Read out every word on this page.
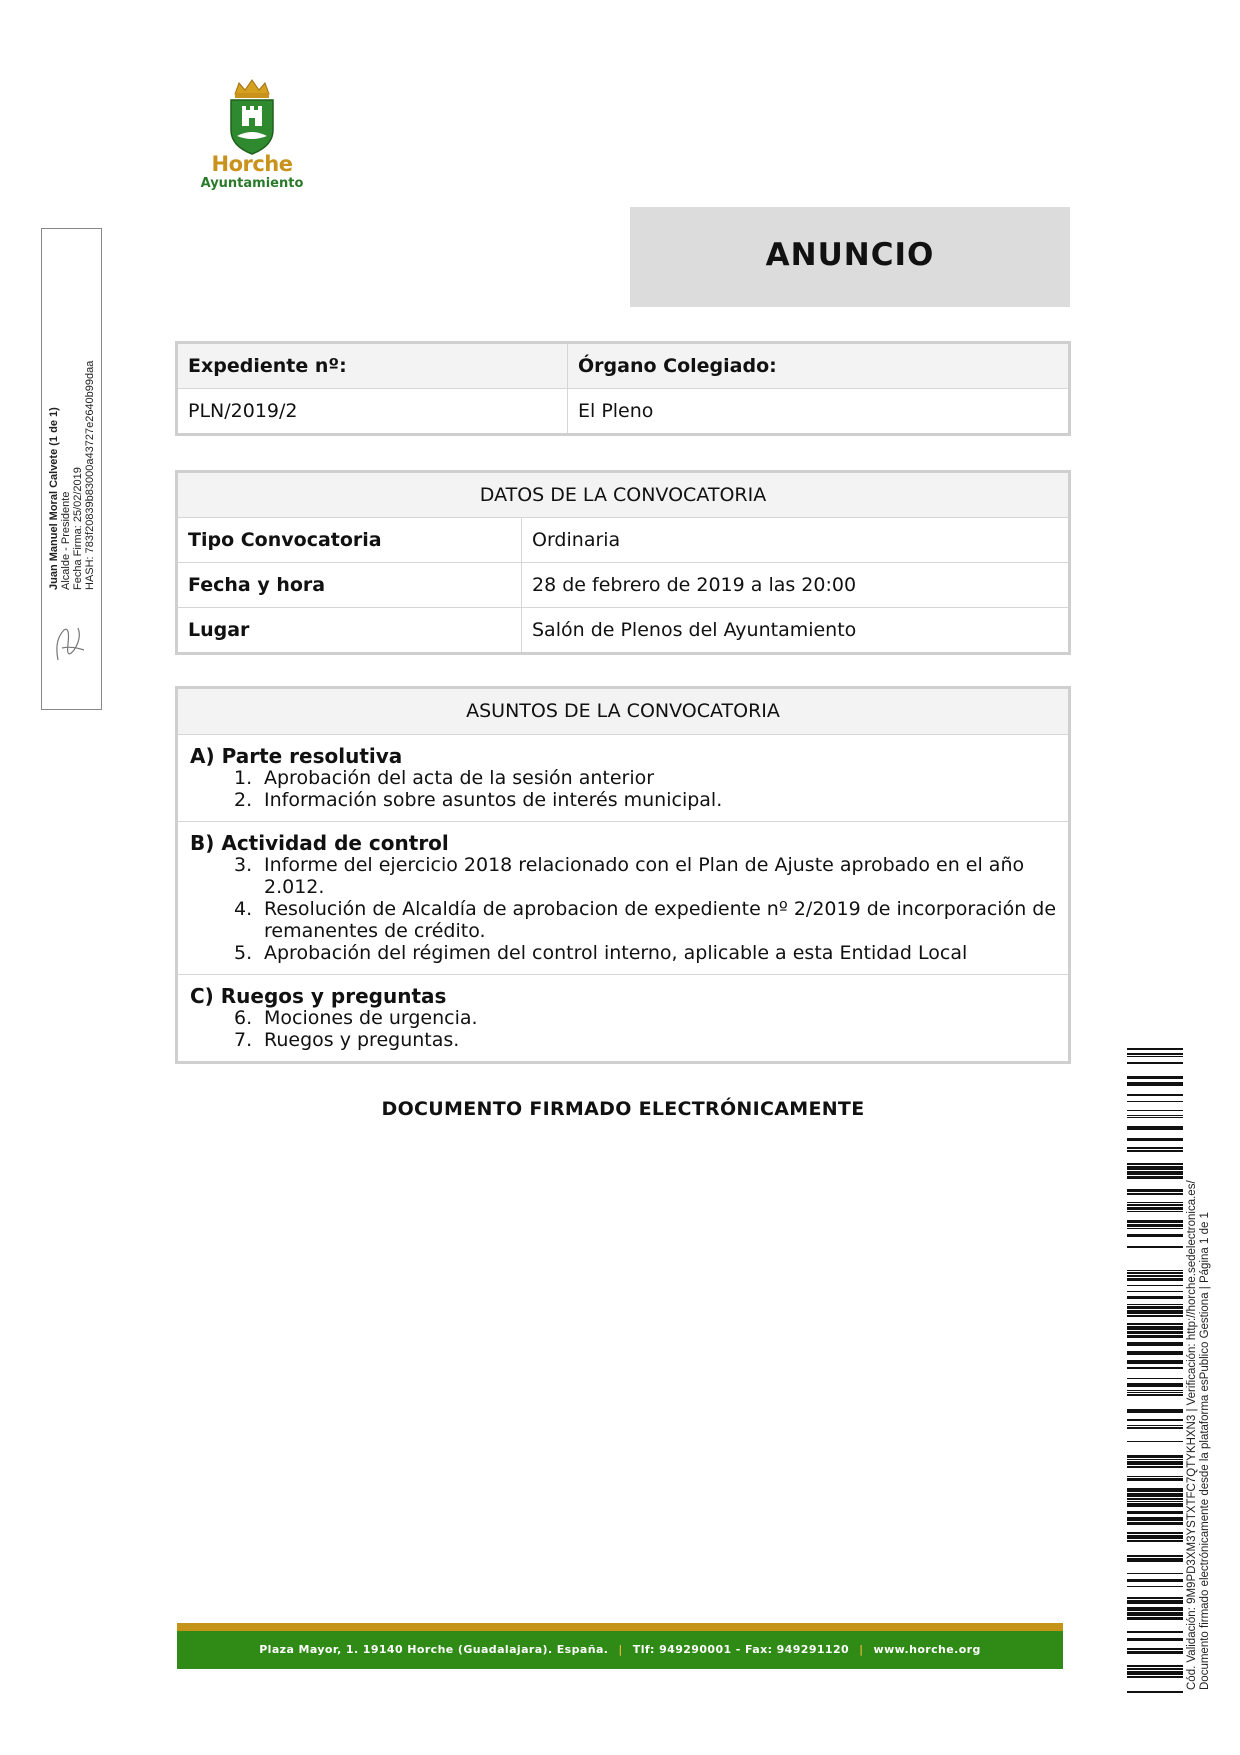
Horche
Ayuntamiento
Juan Manuel Moral Calvete (1 de 1) Alcalde - Presidente Fecha Firma: 25/02/2019 HASH: 783f20839b83000a43727e2640b99daa
ANUNCIO
Expediente nº:	Órgano Colegiado:
PLN/2019/2	El Pleno
DATOS DE LA CONVOCATORIA	
Tipo Convocatoria	Ordinaria
Fecha y hora	28 de febrero de 2019 a las 20:00
Lugar	Salón de Plenos del Ayuntamiento
ASUNTOS DE LA CONVOCATORIA
A) Parte resolutiva
1. Aprobación del acta de la sesión anterior
2. Información sobre asuntos de interés municipal.
B) Actividad de control
3. Informe del ejercicio 2018 relacionado con el Plan de Ajuste aprobado en el año 2.012.
4. Resolución de Alcaldía de aprobacion de expediente nº 2/2019 de incorporación de remanentes de crédito.
5. Aprobación del régimen del control interno, aplicable a esta Entidad Local
C) Ruegos y preguntas
6. Mociones de urgencia.
7. Ruegos y preguntas.
DOCUMENTO FIRMADO ELECTRÓNICAMENTE
Plaza Mayor, 1. 19140 Horche (Guadalajara). España. | Tlf: 949290001 - Fax: 949291120 | www.horche.org	Cód. Validación: 9M9PD3XM3YSTXTFC7QTYKHXN3 | Verificación: http://horche.sedelectronica.es/ Documento firmado electrónicamente desde la plataforma esPublico Gestiona | Página 1 de 1
